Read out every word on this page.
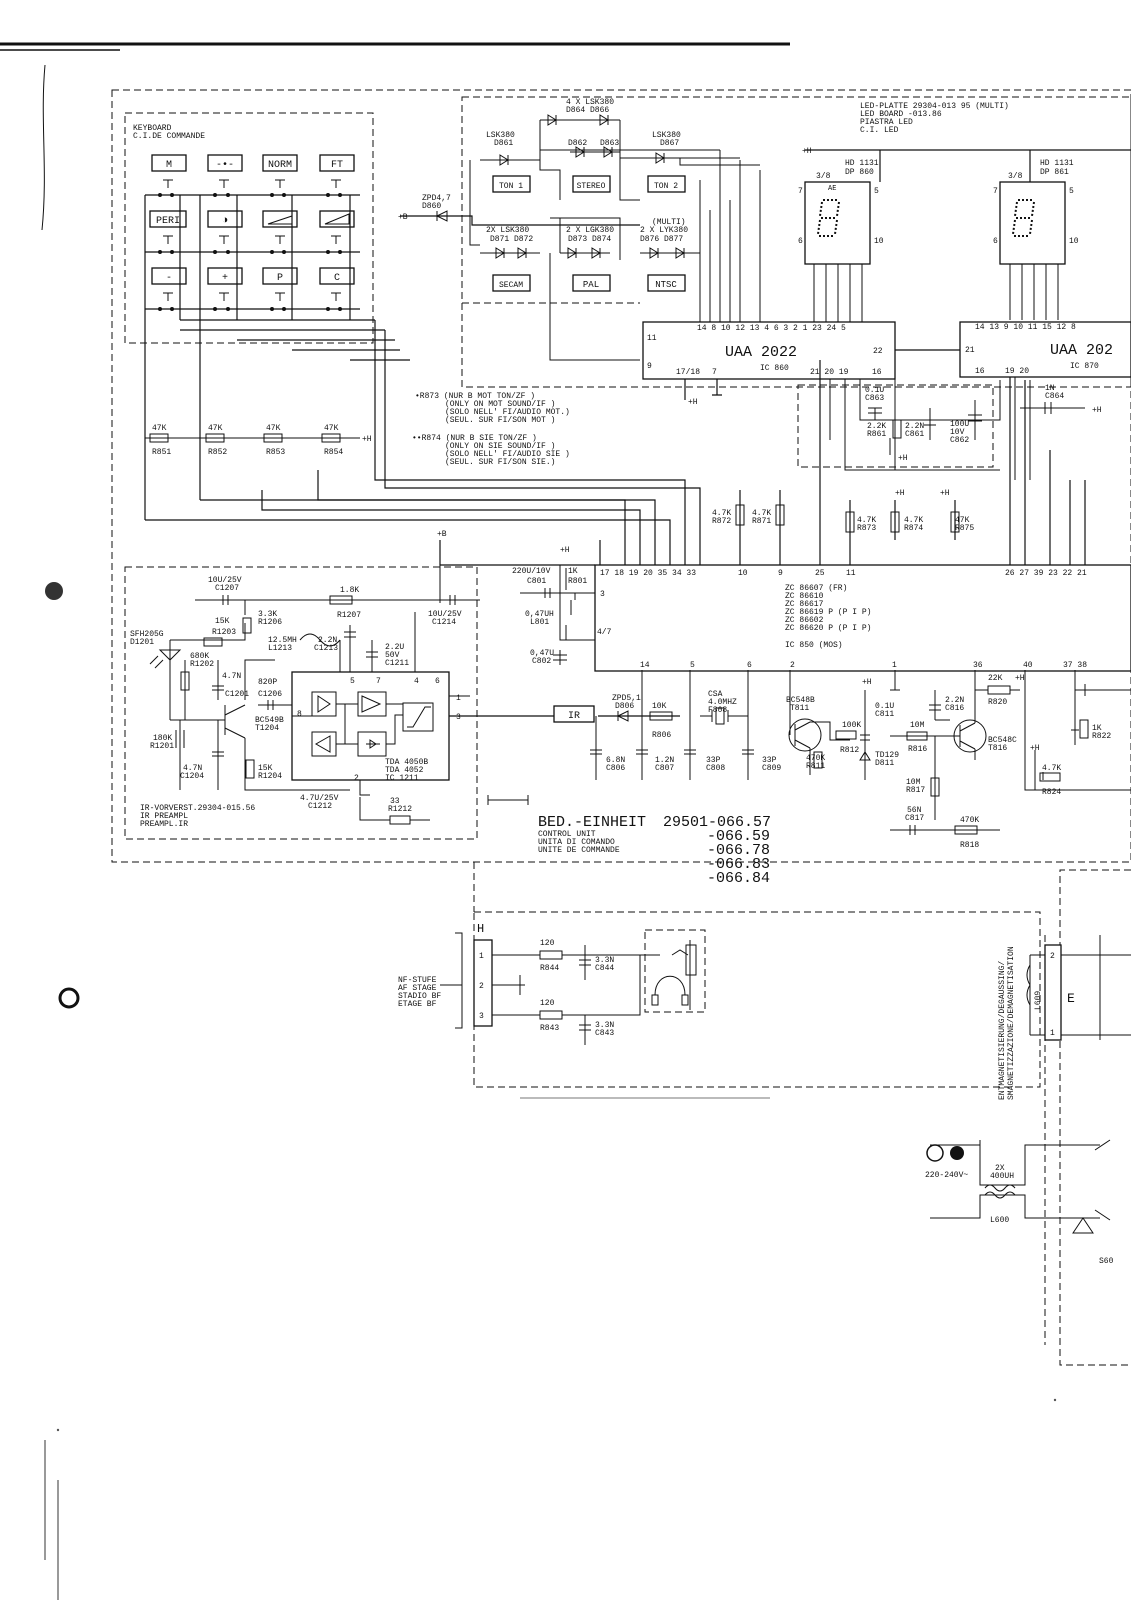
KEYBOARD
C.I.DE COMMANDE
M	-•-	NORM	FT
PERI	◑
-	+	P	C
ZPD4,7
D860
+B
LED-PLATTE 29304-013 95 (MULTI)
LED BOARD -013.86
PIASTRA LED
C.I. LED
4 X LSK380
D864 D866
LSK380
D861	D862 D863
LSK380
D867
2X LSK380
D871 D872
2 X LGK380
D873 D874
(MULTI)
2 X LYK380
D876 D877
TON 1	STEREO	TON 2
SECAM	PAL	NTSC
HD 1131
DP 860
7	5
6	10
3/8
AE
+H
HD 1131
DP 861
7	5
6	10
3/8
UAA 2022
IC 860
11
9
14 8 10 12 13 4 6 3 2 1 23 24 5
22
17/18 7	21 20 19	16
+H
UAA 202
IC 870
14 13 9 10 11 15 12 8
21
16	19 20
•R873 (NUR B MOT TON/ZF )
(ONLY ON MOT SOUND/IF )
(SOLO NELL' FI/AUDIO MOT.)
(SEUL. SUR FI/SON MOT )
••R874 (NUR B SIE TON/ZF )
(ONLY ON SIE SOUND/IF )
(SOLO NELL' FI/AUDIO SIE )
(SEUL. SUR FI/SON SIE.)
0.1U
C863
2.2K
R861
2.2N
C861
100U
10V
C862
1N
C864
+H
+H
47K
R851
47K
R852
47K
R853
47K
R854
+H
4.7K
R872
4.7K
R871	4.7K
R873
4.7K
R874
47K
R875
+H	+H
17 18 19 20 35 34 33	10	9	25	11	26 27 39 23 22 21
3
4/7
ZC 86607 (FR)
ZC 86610
ZC 86617
ZC 86619 P (P I P)
ZC 86602
ZC 86620 P (P I P)
IC 850 (MOS)
14	5	6	2	1	36	40	37 38
220U/10V
C801
1K
R801
0,47UH
L801
0,47U
C802
+H
10U/25V
C1207	1.8K
R1207	10U/25V
C1214
3.3K
R1206
15K
R1203
12.5MH
L1213
2.2N
C1213	2.2U
50V
C1211
SFH205G
D1201
680K
R1202
4.7N
C1201
820P
C1206
180K
R1201
BC549B
T1204
4.7N
C1204
15K
R1204
4.7U/25V
C1212
33
R1212
IR-VORVERST.29304-015.56
IR PREAMPL
PREAMPL.IR
8
5	7	4 6
1
3
2
TDA 4050B
TDA 4052
IC 1211
IR
ZPD5,1
D806 10K
R806
CSA
4.0MHZ
F808
6.8N
C806
1.2N
C807
33P
C808
33P
C809
BC548B
T811
100K
R812
470K
R811
0.1U
C811
TD129
D811
+H
2.2N
C816
22K
R820
10M
R816
BC548C
T816
10M
R817
56N
C817	470K
R818
4.7K
R824
1K
R822
+H
+H
+B
BED.-EINHEIT 29501-066.57
-066.59
-066.78
-066.83
-066.84
CONTROL UNIT
UNITA DI COMANDO
UNITE DE COMMANDE
NF-STUFE
AF STAGE
STADIO BF
ETAGE BF
H
1
2
3
120
R844
3.3N
C844
120
R843	3.3N
C843	ENTMAGNETISIERUNG/DEGAUSSING/ SMAGNETIZZAZIONE/DEMAGNETISATION	2
1
E
L609
220-240V~
2X
400UH
L600
S60
